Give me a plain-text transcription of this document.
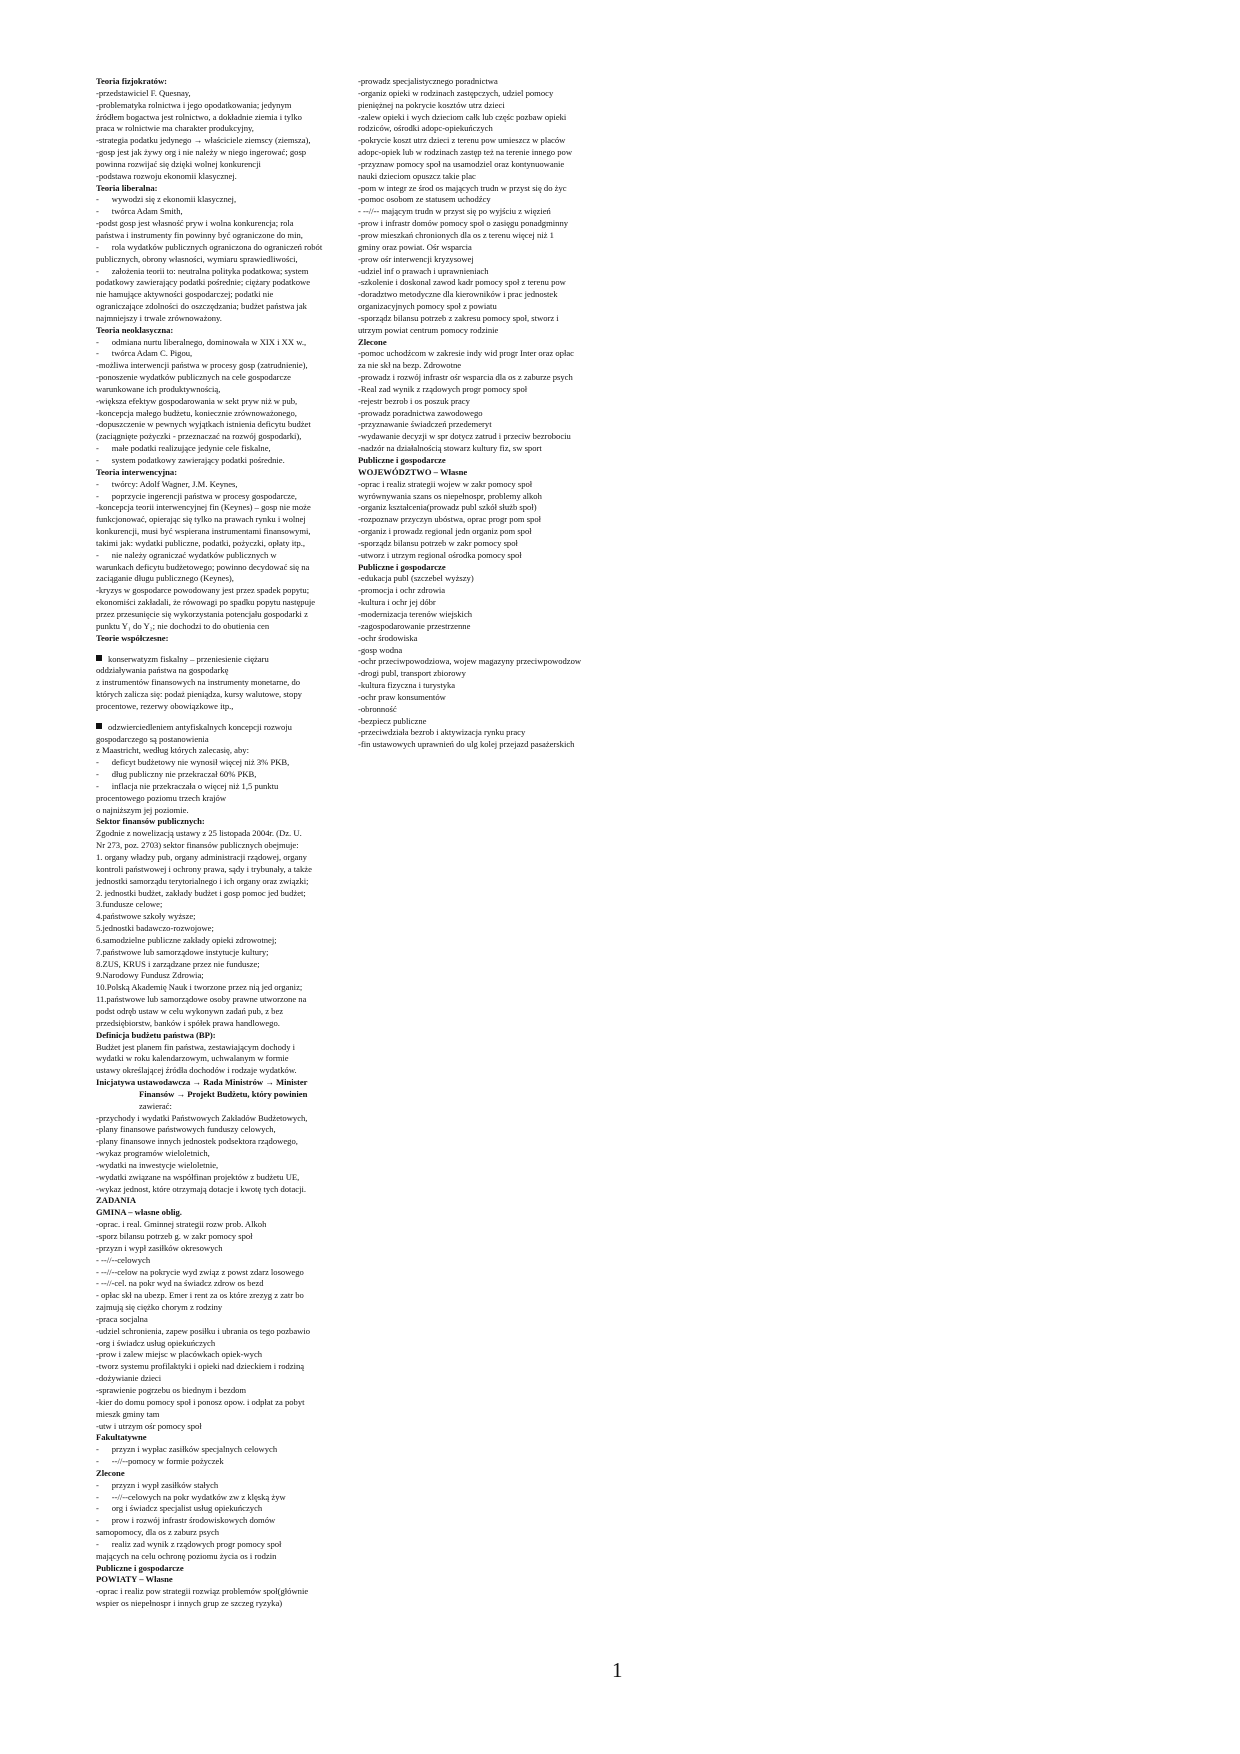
Teoria fizjokratów:

-przedstawiciel F. Quesnay,

-problematyka rolnictwa i jego opodatkowania; jedynym

źródłem bogactwa jest rolnictwo, a dokładnie ziemia i tylko

praca w rolnictwie ma charakter produkcyjny,

-strategia podatku jedynego → właściciele ziemscy (ziemsza),

-gosp jest jak żywy org i nie należy w niego ingerować; gosp

powinna rozwijać się dzięki wolnej konkurencji

-podstawa rozwoju ekonomii klasycznej.

Teoria liberalna:

-      wywodzi się z ekonomii klasycznej,

-      twórca Adam Smith,

-podst gosp jest własność pryw i wolna konkurencja; rola

państwa i instrumenty fin powinny być ograniczone do min,

-      rola wydatków publicznych ograniczona do ograniczeń robót

publicznych, obrony własności, wymiaru sprawiedliwości,

-      założenia teorii to: neutralna polityka podatkowa; system

podatkowy zawierający podatki pośrednie; ciężary podatkowe

nie hamujące aktywności gospodarczej; podatki nie

ograniczające zdolności do oszczędzania; budżet państwa jak

najmniejszy i trwale zrównoważony.

Teoria neoklasyczna:

-      odmiana nurtu liberalnego, dominowała w XIX i XX w.,

-      twórca Adam C. Pigou,

-możliwa interwencji państwa w procesy gosp (zatrudnienie),

-ponoszenie wydatków publicznych na cele gospodarcze

warunkowane ich produktywnością,

-większa efektyw gospodarowania w sekt pryw niż w pub,

-koncepcja małego budżetu, koniecznie zrównoważonego,

-dopuszczenie w pewnych wyjątkach istnienia deficytu budżet

(zaciągnięte pożyczki - przeznaczać na rozwój gospodarki),

-      małe podatki realizujące jedynie cele fiskalne,

-      system podatkowy zawierający podatki pośrednie.

Teoria interwencyjna:

-      twórcy: Adolf Wagner, J.M. Keynes,

-      poprzycie ingerencji państwa w procesy gospodarcze,

-koncepcja teorii interwencyjnej fin (Keynes) – gosp nie może

funkcjonować, opierając się tylko na prawach rynku i wolnej

konkurencji, musi być wspierana instrumentami finansowymi,

takimi jak: wydatki publiczne, podatki, pożyczki, opłaty itp.,

-      nie należy ograniczać wydatków publicznych w

warunkach deficytu budżetowego; powinno decydować się na

zaciąganie długu publicznego (Keynes),

-kryzys w gospodarce powodowany jest przez spadek popytu;

ekonomiści zakładali, że rówowagi po spadku popytu następuje

przez przesunięcie się wykorzystania potencjału gospodarki z

punktu Y₁ do Y₂; nie dochodzi to do obutienia cen

Teorie współczesne:

konserwatyzm fiskalny – przeniesienie ciężaru

oddziaływania państwa na gospodarkę

z instrumentów finansowych na instrumenty monetarne, do

których zalicza się: podaż pieniądza, kursy walutowe, stopy

procentowe, rezerwy obowiązkowe itp.,

odzwierciedleniem antyfiskalnych koncepcji rozwoju

gospodarczego są postanowienia

z Maastricht, według których zalecasię, aby:

-      deficyt budżetowy nie wynosił więcej niż 3% PKB,

-      dług publiczny nie przekraczał 60% PKB,

-      inflacja nie przekraczała o więcej niż 1,5 punktu

procentowego poziomu trzech krajów

o najniższym jej poziomie.

Sektor finansów publicznych:

Zgodnie z nowelizacją ustawy z 25 listopada 2004r. (Dz. U.

Nr 273, poz. 2703) sektor finansów publicznych obejmuje:

1. organy władzy pub, organy administracji rządowej, organy

kontroli państwowej i ochrony prawa, sądy i trybunały, a także

jednostki samorządu terytorialnego i ich organy oraz związki;

2. jednostki budżet, zakłady budżet i gosp pomoc jed budżet;

3.fundusze celowe;

4.państwowe szkoły wyższe;

5.jednostki badawczo-rozwojowe;

6.samodzielne publiczne zakłady opieki zdrowotnej;

7.państwowe lub samorządowe instytucje kultury;

8.ZUS, KRUS i zarządzane przez nie fundusze;

9.Narodowy Fundusz Zdrowia;

10.Polską Akademię Nauk i tworzone przez nią jed organiz;

11.państwowe lub samorządowe osoby prawne utworzone na

podst odręb ustaw w celu wykonywn zadań pub, z bez

przedsiębiorstw, banków i spółek prawa handlowego.

Definicja budżetu państwa (BP):

Budżet jest planem fin państwa, zestawiającym dochody i

wydatki w roku kalendarzowym, uchwalanym w formie

ustawy określającej źródła dochodów i rodzaje wydatków.

Inicjatywa ustawodawcza → Rada Ministrów → Minister

Finansów → Projekt Budżetu, który powinien

zawierać:

-przychody i wydatki Państwowych Zakładów Budżetowych,

-plany finansowe państwowych funduszy celowych,

-plany finansowe innych jednostek podsektora rządowego,

-wykaz programów wieloletnich,

-wydatki na inwestycje wieloletnie,

-wydatki związane na współfinan projektów z budżetu UE,

-wykaz jednost, które otrzymają dotacje i kwotę tych dotacji.

ZADANIA

GMINA – własne oblig.

-oprac. i real. Gminnej strategii rozw prob. Alkoh

-sporz bilansu potrzeb g. w zakr pomocy społ

-przyzn i wypł zasiłków okresowych

- --//--celowych

- --//--celow na pokrycie wyd związ z powst zdarz losowego

- --//-cel. na pokr wyd na świadcz zdrow os bezd

- opłac skł na ubezp. Emer i rent za os które zrezyg z zatr bo

zajmują się ciężko chorym z rodziny

-praca socjalna

-udziel schronienia, zapew posiłku i ubrania os tego pozbawio

-org i świadcz usług opiekuńczych

-prow i zalew miejsc w placówkach opiek-wych

-tworz systemu profilaktyki i opieki nad dzieckiem i rodziną

-dożywianie dzieci

-sprawienie pogrzebu os biednym i bezdom

-kier do domu pomocy społ i ponosz opow. i odpłat za pobyt

mieszk gminy tam

-utw i utrzym ośr pomocy społ

Fakultatywne

-      przyzn i wypłac zasiłków specjalnych celowych

-      --//--pomocy w formie pożyczek

Zlecone

-      przyzn i wypł zasiłków stałych

-      --//--celowych na pokr wydatków zw z klęską żyw

-      org i świadcz specjalist usług opiekuńczych

-      prow i rozwój infrastr środowiskowych domów

samopomocy, dla os z zaburz psych

-      realiz zad wynik z rządowych progr pomocy społ

mających na celu ochronę poziomu życia os i rodzin

Publiczne i gospodarcze

POWIATY – Własne

-oprac i realiz pow strategii rozwiąz problemów społ(głównie

wspier os niepełnospr i innych grup ze szczeg ryzyka)

-prowadz specjalistycznego poradnictwa

-organiz opieki w rodzinach zastępczych, udziel pomocy

pieniężnej na pokrycie kosztów utrz dzieci

-zalew opieki i wych dzieciom całk lub częśc pozbaw opieki

rodziców, ośrodki adopc-opiekuńczych

-pokrycie koszt utrz dzieci z terenu pow umieszcz w placów

adopc-opiek lub w rodzinach zastęp też na terenie innego pow

-przyznaw pomocy społ na usamodziel oraz kontynuowanie

nauki dzieciom opuszcz takie plac

-pom w integr ze środ os mających trudn w przyst się do życ

-pomoc osobom ze statusem uchodźcy

- --//-- mającym trudn w przyst się po wyjściu z więzień

-prow i infrastr domów pomocy społ o zasięgu ponadgminny

-prow mieszkań chronionych dla os z terenu więcej niż 1

gminy oraz powiat. Ośr wsparcia

-prow ośr interwencji kryzysowej

-udziel inf o prawach i uprawnieniach

-szkolenie i doskonal zawod kadr pomocy społ z terenu pow

-doradztwo metodyczne dla kierowników i prac jednostek

organizacyjnych pomocy społ z powiatu

-sporządz bilansu potrzeb z zakresu pomocy społ, stworz i

utrzym powiat centrum pomocy rodzinie

Zlecone

-pomoc uchodźcom w zakresie indy wid progr Inter oraz opłac

za nie skł na bezp. Zdrowotne

-prowadz i rozwój infrastr ośr wsparcia dla os z zaburze psych

-Real zad wynik z rządowych progr pomocy społ

-rejestr bezrob i os poszuk pracy

-prowadz poradnictwa zawodowego

-przyznawanie świadczeń przedemeryt

-wydawanie decyzji w spr dotycz zatrud i przeciw bezrobociu

-nadzór na działalnością stowarz kultury fiz, sw sport

Publiczne i gospodarcze

WOJEWÓDZTWO – Własne

-oprac i realiz strategii wojew w zakr pomocy społ

wyrównywania szans os niepełnospr, problemy alkoh

-organiz kształcenia(prowadz publ szkół służb społ)

-rozpoznaw przyczyn ubóstwa, oprac progr pom społ

-organiz i prowadz regional jedn organiz pom społ

-sporządz bilansu potrzeb w zakr pomocy społ

-utworz i utrzym regional ośrodka pomocy społ

Publiczne i gospodarcze

-edukacja publ (szczebel wyższy)

-promocja i ochr zdrowia

-kultura i ochr jej dóbr

-modernizacja terenów wiejskich

-zagospodarowanie przestrzenne

-ochr środowiska

-gosp wodna

-ochr przeciwpowodziowa, wojew magazyny przeciwpowodzow

-drogi publ, transport zbiorowy

-kultura fizyczna i turystyka

-ochr praw konsumentów

-obronność

-bezpiecz publiczne

-przeciwdziała bezrob i aktywizacja rynku pracy

-fin ustawowych uprawnień do ulg kolej przejazd pasażerskich

1
